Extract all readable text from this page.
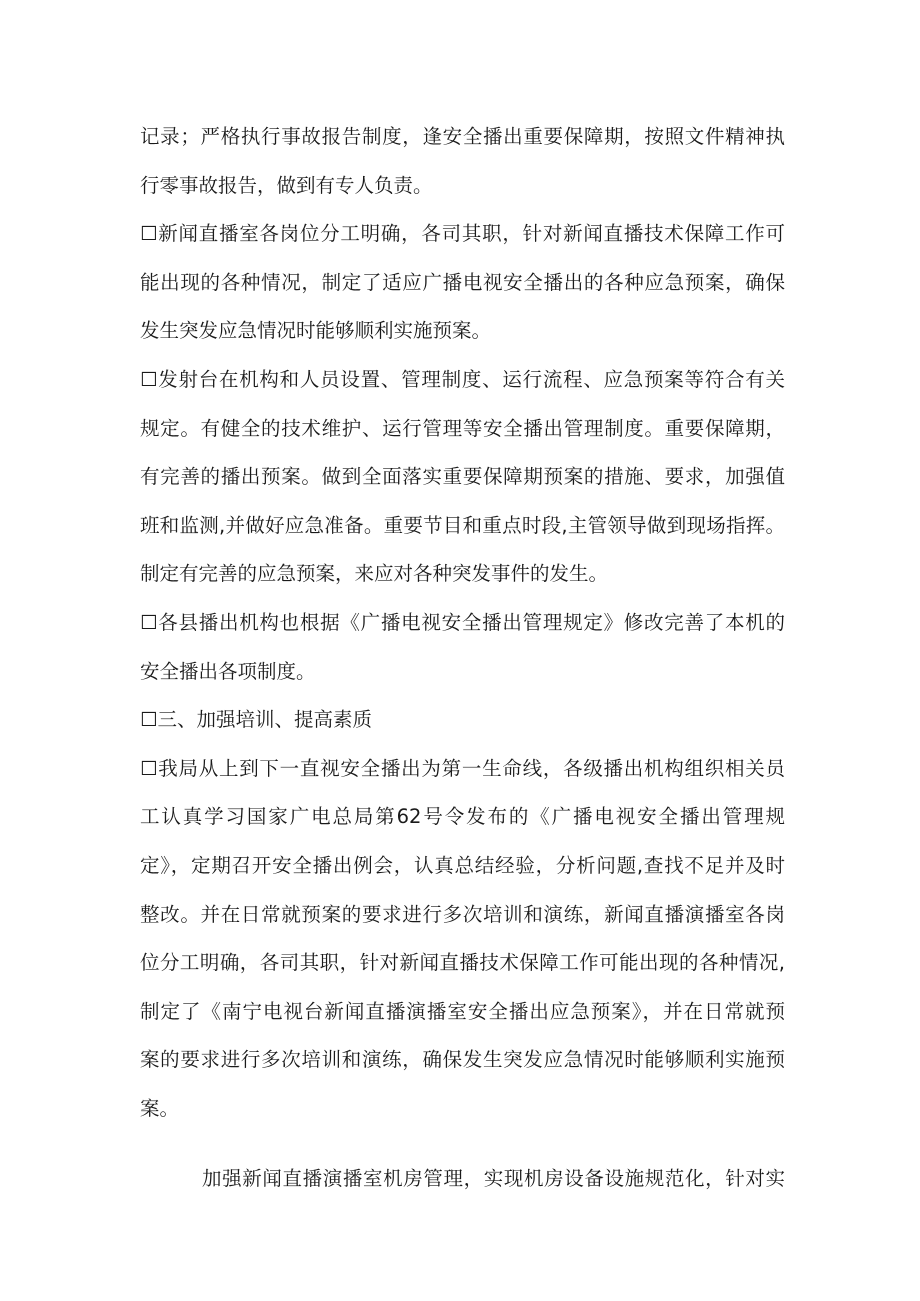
记录；严格执行事故报告制度，逢安全播出重要保障期，按照文件精神执
行零事故报告，做到有专人负责。
☐新闻直播室各岗位分工明确，各司其职，针对新闻直播技术保障工作可
能出现的各种情况，制定了适应广播电视安全播出的各种应急预案，确保
发生突发应急情况时能够顺利实施预案。
☐发射台在机构和人员设置、管理制度、运行流程、应急预案等符合有关
规定。有健全的技术维护、运行管理等安全播出管理制度。重要保障期，
有完善的播出预案。做到全面落实重要保障期预案的措施、要求，加强值
班和监测,并做好应急准备。重要节目和重点时段,主管领导做到现场指挥。
制定有完善的应急预案，来应对各种突发事件的发生。
☐各县播出机构也根据《广播电视安全播出管理规定》修改完善了本机的
安全播出各项制度。
☐三、加强培训、提高素质
☐我局从上到下一直视安全播出为第一生命线，各级播出机构组织相关员
工认真学习国家广电总局第62号令发布的《广播电视安全播出管理规
定》，定期召开安全播出例会，认真总结经验，分析问题,查找不足并及时
整改。并在日常就预案的要求进行多次培训和演练，新闻直播演播室各岗
位分工明确，各司其职，针对新闻直播技术保障工作可能出现的各种情况,
制定了《南宁电视台新闻直播演播室安全播出应急预案》，并在日常就预
案的要求进行多次培训和演练，确保发生突发应急情况时能够顺利实施预
案。
加强新闻直播演播室机房管理，实现机房设备设施规范化，针对实
